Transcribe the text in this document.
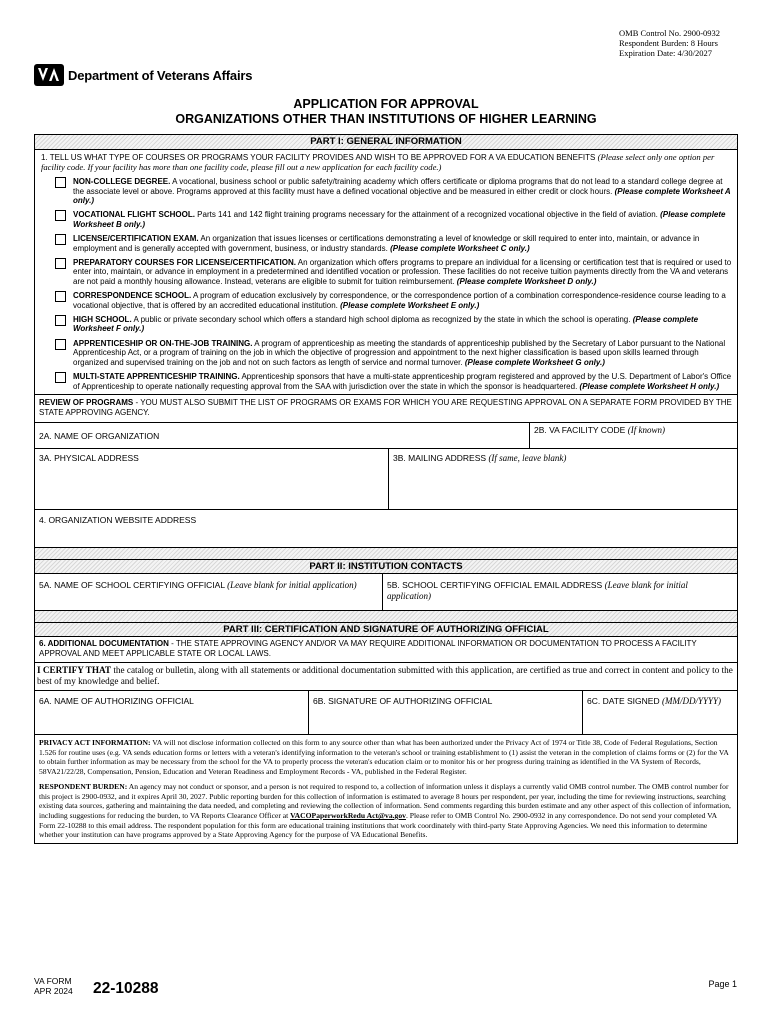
OMB Control No. 2900-0932
Respondent Burden: 8 Hours
Expiration Date: 4/30/2027
Department of Veterans Affairs
APPLICATION FOR APPROVAL
ORGANIZATIONS OTHER THAN INSTITUTIONS OF HIGHER LEARNING
PART I: GENERAL INFORMATION
1. TELL US WHAT TYPE OF COURSES OR PROGRAMS YOUR FACILITY PROVIDES AND WISH TO BE APPROVED FOR A VA EDUCATION BENEFITS (Please select only one option per facility code. If your facility has more than one facility code, please fill out a new application for each facility code.)
NON-COLLEGE DEGREE. A vocational, business school or public safety/training academy which offers certificate or diploma programs that do not lead to a standard college degree at the associate level or above. Programs approved at this facility must have a defined vocational objective and be measured in either credit or clock hours. (Please complete Worksheet A only.)
VOCATIONAL FLIGHT SCHOOL. Parts 141 and 142 flight training programs necessary for the attainment of a recognized vocational objective in the field of aviation. (Please complete Worksheet B only.)
LICENSE/CERTIFICATION EXAM. An organization that issues licenses or certifications demonstrating a level of knowledge or skill required to enter into, maintain, or advance in employment and is generally accepted with government, business, or industry standards. (Please complete Worksheet C only.)
PREPARATORY COURSES FOR LICENSE/CERTIFICATION. An organization which offers programs to prepare an individual for a licensing or certification test that is required or used to enter into, maintain, or advance in employment in a predetermined and identified vocation or profession. These facilities do not receive tuition payments directly from the VA and veterans are not paid a monthly housing allowance. Instead, veterans are eligible to submit for tuition reimbursement. (Please complete Worksheet D only.)
CORRESPONDENCE SCHOOL. A program of education exclusively by correspondence, or the correspondence portion of a combination correspondence-residence course leading to a vocational objective, that is offered by an accredited educational institution. (Please complete Worksheet E only.)
HIGH SCHOOL. A public or private secondary school which offers a standard high school diploma as recognized by the state in which the school is operating. (Please complete Worksheet F only.)
APPRENTICESHIP OR ON-THE-JOB TRAINING. A program of apprenticeship as meeting the standards of apprenticeship published by the Secretary of Labor pursuant to the National Apprenticeship Act, or a program of training on the job in which the objective of progression and appointment to the next higher classification is based upon skills learned through organized and supervised training on the job and not on such factors as length of service and normal turnover. (Please complete Worksheet G only.)
MULTI-STATE APPRENTICESHIP TRAINING. Apprenticeship sponsors that have a multi-state apprenticeship program registered and approved by the U.S. Department of Labor's Office of Apprenticeship to operate nationally requesting approval from the SAA with jurisdiction over the state in which the sponsor is headquartered. (Please complete Worksheet H only.)
REVIEW OF PROGRAMS - YOU MUST ALSO SUBMIT THE LIST OF PROGRAMS OR EXAMS FOR WHICH YOU ARE REQUESTING APPROVAL ON A SEPARATE FORM PROVIDED BY THE STATE APPROVING AGENCY.
2A. NAME OF ORGANIZATION
2B. VA FACILITY CODE (If known)
3A. PHYSICAL ADDRESS	3B. MAILING ADDRESS (If same, leave blank)
4. ORGANIZATION WEBSITE ADDRESS
PART II: INSTITUTION CONTACTS
5A. NAME OF SCHOOL CERTIFYING OFFICIAL (Leave blank for initial application)	5B. SCHOOL CERTIFYING OFFICIAL EMAIL ADDRESS (Leave blank for initial application)
PART III: CERTIFICATION AND SIGNATURE OF AUTHORIZING OFFICIAL
6. ADDITIONAL DOCUMENTATION - THE STATE APPROVING AGENCY AND/OR VA MAY REQUIRE ADDITIONAL INFORMATION OR DOCUMENTATION TO PROCESS A FACILITY APPROVAL AND MEET APPLICABLE STATE OR LOCAL LAWS.
I CERTIFY THAT the catalog or bulletin, along with all statements or additional documentation submitted with this application, are certified as true and correct in content and policy to the best of my knowledge and belief.
6A. NAME OF AUTHORIZING OFFICIAL	6B. SIGNATURE OF AUTHORIZING OFFICIAL	6C. DATE SIGNED (MM/DD/YYYY)
PRIVACY ACT INFORMATION: VA will not disclose information collected on this form to any source other than what has been authorized under the Privacy Act of 1974 or Title 38, Code of Federal Regulations, Section 1.526 for routine uses (e.g. VA sends education forms or letters with a veteran's identifying information to the veteran's school or training establishment to (1) assist the veteran in the completion of claims forms or (2) for the VA to obtain further information as may be necessary from the school for the VA to properly process the veteran's education claim or to monitor his or her progress during training as identified in the VA System of Records, 58VA21/22/28, Compensation, Pension, Education and Veteran Readiness and Employment Records - VA, published in the Federal Register.
RESPONDENT BURDEN: An agency may not conduct or sponsor, and a person is not required to respond to, a collection of information unless it displays a currently valid OMB control number. The OMB control number for this project is 2900-0932, and it expires April 30, 2027. Public reporting burden for this collection of information is estimated to average 8 hours per respondent, per year, including the time for reviewing instructions, searching existing data sources, gathering and maintaining the data needed, and completing and reviewing the collection of information. Send comments regarding this burden estimate and any other aspect of this collection of information, including suggestions for reducing the burden, to VA Reports Clearance Officer at VACOPaperworkRedu Act@va.gov. Please refer to OMB Control No. 2900-0932 in any correspondence. Do not send your completed VA Form 22-10288 to this email address. The respondent population for this form are educational training institutions that work coordinately with third-party State Approving Agencies. We need this information to determine whether your institution can have programs approved by a State Approving Agency for the purpose of VA Educational Benefits.
VA FORM
APR 2024 22-10288	Page 1
